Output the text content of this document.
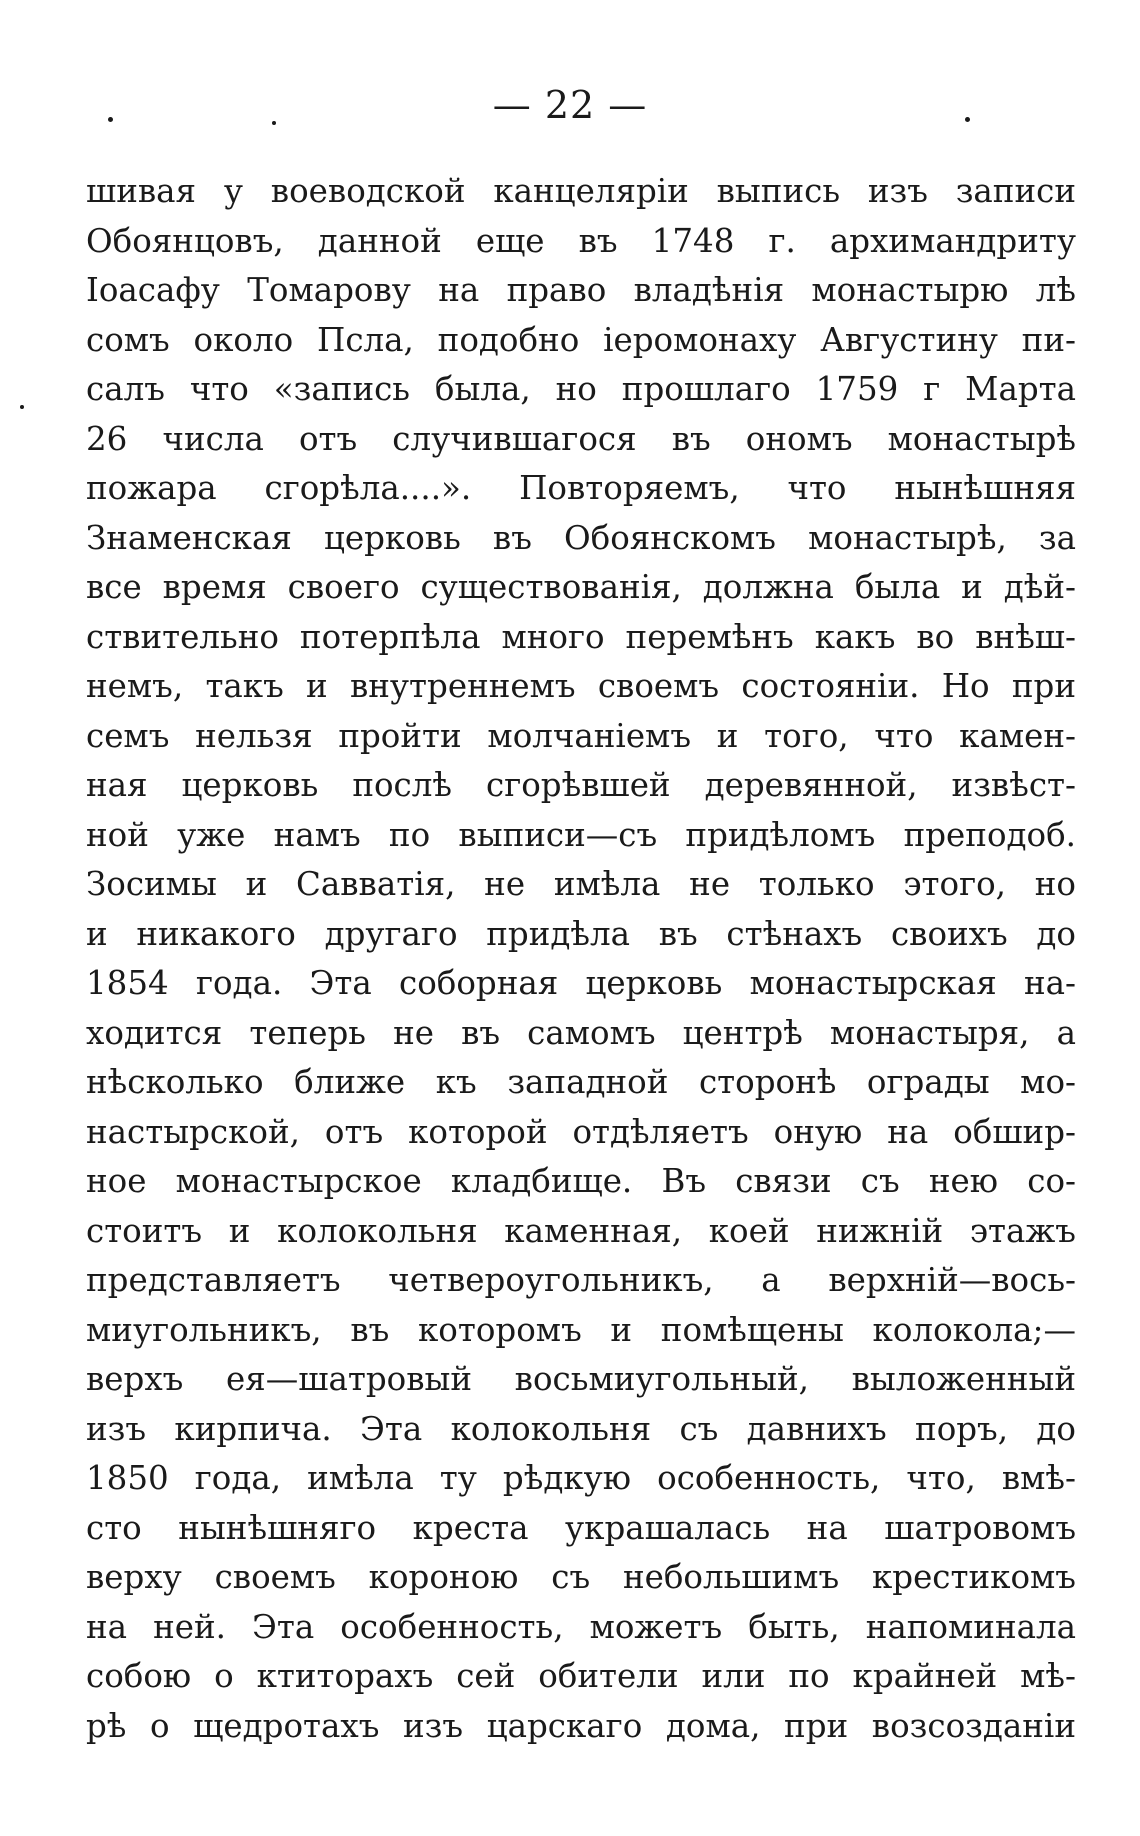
— 22 —
шивая у воеводской канцеляріи выпись изъ записи
Обоянцовъ, данной еще въ 1748 г. архимандриту
Іоасафу Томарову на право владѣнія монастырю лѣ
сомъ около Псла, подобно іеромонаху Августину пи-
салъ что «запись была, но прошлаго 1759 г Марта
26 числа отъ случившагося въ ономъ монастырѣ
пожара сгорѣла....». Повторяемъ, что нынѣшняя
Знаменская церковь въ Обоянскомъ монастырѣ, за
все время своего существованія, должна была и дѣй-
ствительно потерпѣла много перемѣнъ какъ во внѣш-
немъ, такъ и внутреннемъ своемъ состояніи. Но при
семъ нельзя пройти молчаніемъ и того, что камен-
ная церковь послѣ сгорѣвшей деревянной, извѣст-
ной уже намъ по выписи—съ придѣломъ преподоб.
Зосимы и Савватія, не имѣла не только этого, но
и никакого другаго придѣла въ стѣнахъ своихъ до
1854 года. Эта соборная церковь монастырская на-
ходится теперь не въ самомъ центрѣ монастыря, а
нѣсколько ближе къ западной сторонѣ ограды мо-
настырской, отъ которой отдѣляетъ оную на обшир-
ное монастырское кладбище. Въ связи съ нею со-
стоитъ и колокольня каменная, коей нижній этажъ
представляетъ четвероугольникъ, а верхній—вось-
миугольникъ, въ которомъ и помѣщены колокола;—
верхъ ея—шатровый восьмиугольный, выложенный
изъ кирпича. Эта колокольня съ давнихъ поръ, до
1850 года, имѣла ту рѣдкую особенность, что, вмѣ-
сто нынѣшняго креста украшалась на шатровомъ
верху своемъ короною съ небольшимъ крестикомъ
на ней. Эта особенность, можетъ быть, напоминала
собою о ктиторахъ сей обители или по крайней мѣ-
рѣ о щедротахъ изъ царскаго дома, при возсозданіи
